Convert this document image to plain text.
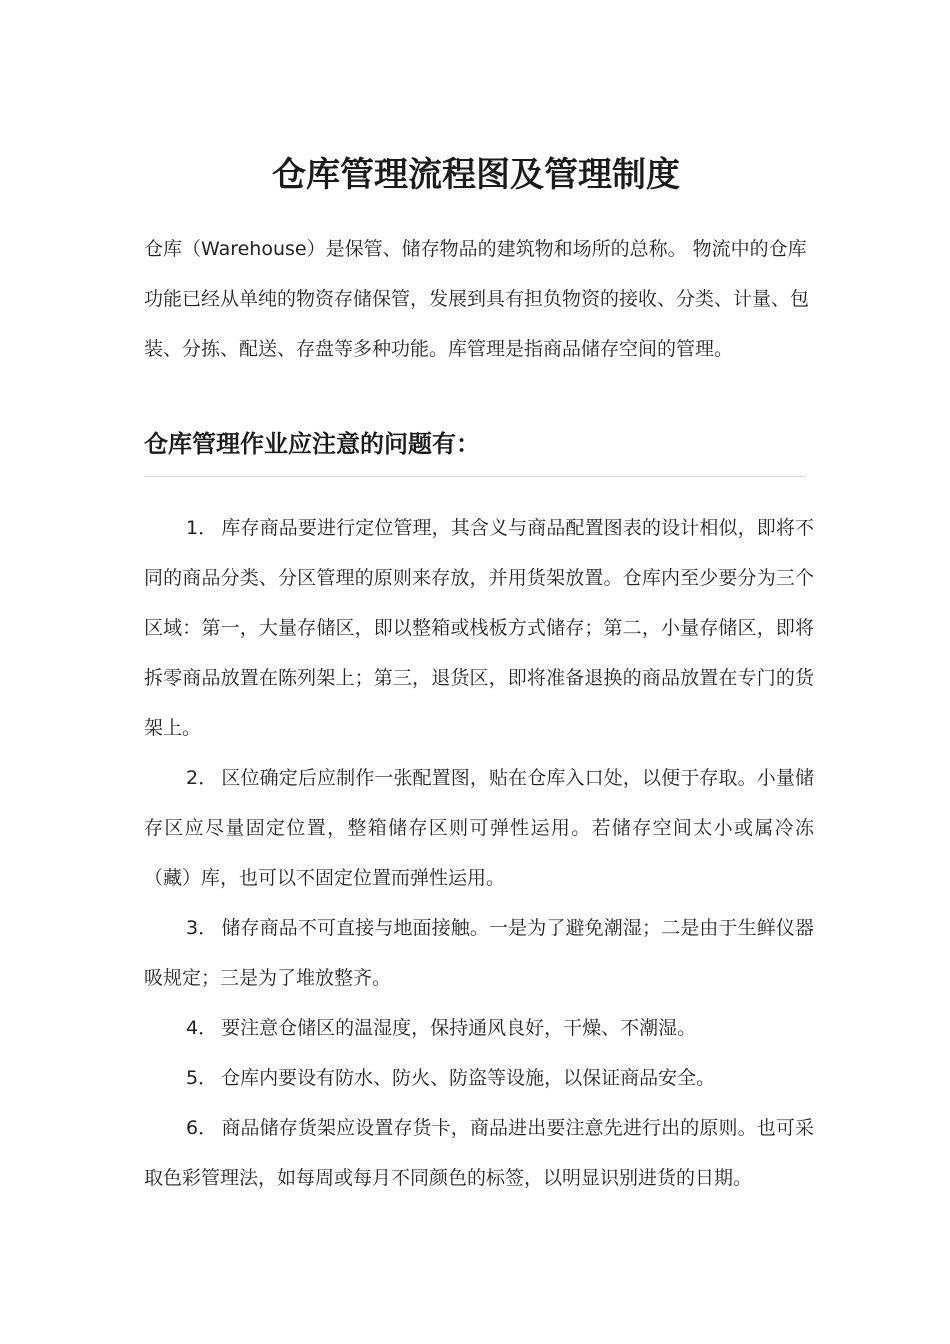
仓库管理流程图及管理制度

仓库（Warehouse）是保管、储存物品的建筑物和场所的总称。 物流中的仓库功能已经从单纯的物资存储保管，发展到具有担负物资的接收、分类、计量、包装、分拣、配送、存盘等多种功能。库管理是指商品储存空间的管理。

仓库管理作业应注意的问题有：

1． 库存商品要进行定位管理，其含义与商品配置图表的设计相似，即将不同的商品分类、分区管理的原则来存放，并用货架放置。仓库内至少要分为三个区域：第一，大量存储区，即以整箱或栈板方式储存；第二，小量存储区，即将拆零商品放置在陈列架上；第三，退货区，即将准备退换的商品放置在专门的货架上。

2． 区位确定后应制作一张配置图，贴在仓库入口处，以便于存取。小量储存区应尽量固定位置，整箱储存区则可弹性运用。若储存空间太小或属冷冻（藏）库，也可以不固定位置而弹性运用。

3． 储存商品不可直接与地面接触。一是为了避免潮湿；二是由于生鲜仪器吸规定；三是为了堆放整齐。

4． 要注意仓储区的温湿度，保持通风良好，干燥、不潮湿。

5． 仓库内要设有防水、防火、防盗等设施，以保证商品安全。

6． 商品储存货架应设置存货卡，商品进出要注意先进行出的原则。也可采取色彩管理法，如每周或每月不同颜色的标签，以明显识别进货的日期。
